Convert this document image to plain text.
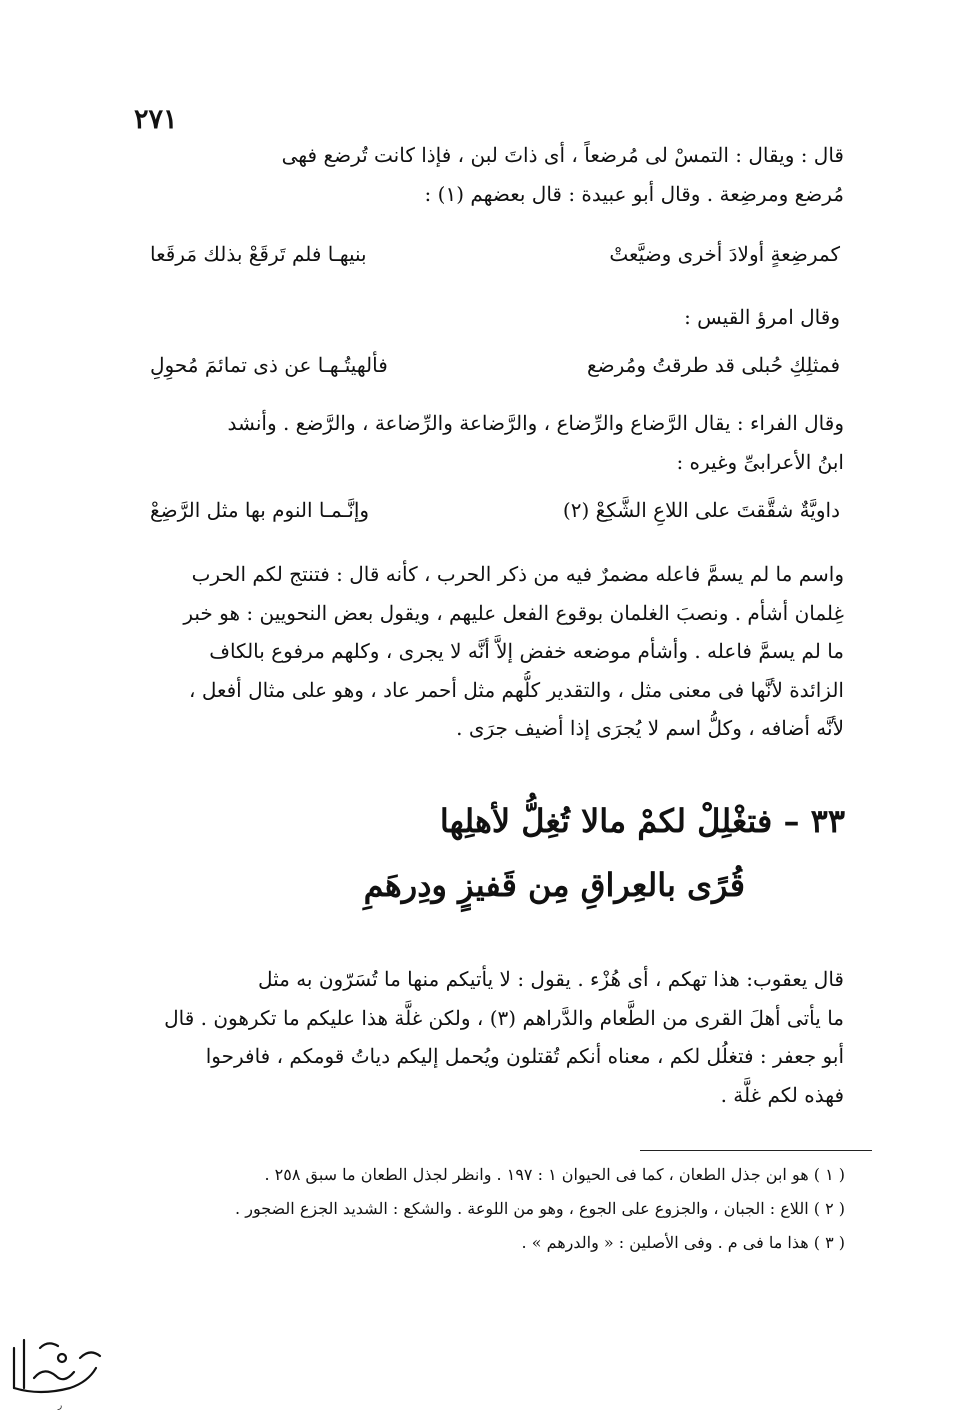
٢٧١
قال : ويقال : التمسْ لى مُرضعاً ، أى ذاتَ لبن ، فإذا كانت تُرضع فهى
مُرضع ومرضِعة . وقال أبو عبيدة : قال بعضهم (١) :
كمرضِعةٍ أولادَ أخرى وضيَّعتْ
بنيهـا فلم تَرقَعْ بذلك مَرقَعا
وقال امرؤ القيس :
فمثلِكِ حُبلى قد طرقتُ ومُرضع
فألهيتُـهـا عن ذى تمائمَ مُحوِلِ
وقال الفراء : يقال الرَّضاع والرِّضاع ، والرَّضاعة والرِّضاعة ، والرَّضع . وأنشد
ابنُ الأعرابىِّ وغيره :
داويَّةٌ شقَّقتَ على اللاعِ الشَّكِعْ (٢)
وإنَّـمـا النوم بها مثل الرَّضِعْ
واسم ما لم يسمَّ فاعله مضمرٌ فيه من ذكر الحرب ، كأنه قال : فتنتج لكم الحرب
غِلمان أشأم . ونصبَ الغلمان بوقوع الفعل عليهم ، ويقول بعض النحويين : هو خبر
ما لم يسمَّ فاعله . وأشأم موضعه خفض إلاَّ أنَّه لا يجرى ، وكلهم مرفوع بالكاف
الزائدة لأنَّها فى معنى مثل ، والتقدير كلُّهم مثل أحمر عاد ، وهو على مثال أفعل ،
لأنَّه أضافه ، وكلُّ اسم لا يُجرَى إذا أضيف جرَى .
٣٣ – فتغْلِلْ لكمْ مالا تُغِلُّ لأهلِها
قُرًى بالعِراقِ مِن قَفيزٍ ودِرهَمِ
قال يعقوب: هذا تهكم ، أى هُزْء . يقول : لا يأتيكم منها ما تُسَرّون به مثل
ما يأتى أهلَ القرى من الطَّعام والدَّراهم (٣) ، ولكن غلَّة هذا عليكم ما تكرهون . قال
أبو جعفر : فتغلُل لكم ، معناه أنكم تُقتلون ويُحمل إليكم دياتُ قومكم ، فافرحوا
فهذه لكم غلَّة .
( ١ ) هو ابن جذل الطعان ، كما فى الحيوان ١ : ١٩٧ . وانظر لجذل الطعان ما سبق ٢٥٨ .
( ٢ ) اللاع : الجبان ، والجزوع على الجوع ، وهو من اللوعة . والشكع : الشديد الجزع الضجور .
( ٣ ) هذا ما فى م . وفى الأصلين : « والدرهم » .
ر
